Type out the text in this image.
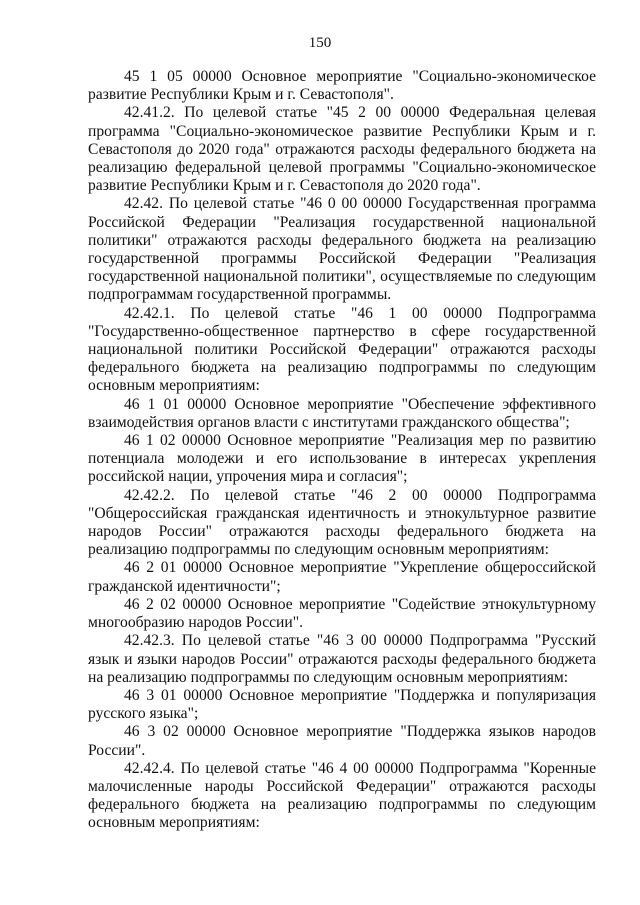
150

45 1 05 00000 Основное мероприятие "Социально-экономическое развитие Республики Крым и г. Севастополя".

42.41.2. По целевой статье "45 2 00 00000 Федеральная целевая программа "Социально-экономическое развитие Республики Крым и г. Севастополя до 2020 года" отражаются расходы федерального бюджета на реализацию федеральной целевой программы "Социально-экономическое развитие Республики Крым и г. Севастополя до 2020 года".

42.42. По целевой статье "46 0 00 00000 Государственная программа Российской Федерации "Реализация государственной национальной политики" отражаются расходы федерального бюджета на реализацию государственной программы Российской Федерации "Реализация государственной национальной политики", осуществляемые по следующим подпрограммам государственной программы.

42.42.1. По целевой статье "46 1 00 00000 Подпрограмма "Государственно-общественное партнерство в сфере государственной национальной политики Российской Федерации" отражаются расходы федерального бюджета на реализацию подпрограммы по следующим основным мероприятиям:

46 1 01 00000 Основное мероприятие "Обеспечение эффективного взаимодействия органов власти с институтами гражданского общества";

46 1 02 00000 Основное мероприятие "Реализация мер по развитию потенциала молодежи и его использование в интересах укрепления российской нации, упрочения мира и согласия";

42.42.2. По целевой статье "46 2 00 00000 Подпрограмма "Общероссийская гражданская идентичность и этнокультурное развитие народов России" отражаются расходы федерального бюджета на реализацию подпрограммы по следующим основным мероприятиям:

46 2 01 00000 Основное мероприятие "Укрепление общероссийской гражданской идентичности";

46 2 02 00000 Основное мероприятие "Содействие этнокультурному многообразию народов России".

42.42.3. По целевой статье "46 3 00 00000 Подпрограмма "Русский язык и языки народов России" отражаются расходы федерального бюджета на реализацию подпрограммы по следующим основным мероприятиям:

46 3 01 00000 Основное мероприятие "Поддержка и популяризация русского языка";

46 3 02 00000 Основное мероприятие "Поддержка языков народов России".

42.42.4. По целевой статье "46 4 00 00000 Подпрограмма "Коренные малочисленные народы Российской Федерации" отражаются расходы федерального бюджета на реализацию подпрограммы по следующим основным мероприятиям:
